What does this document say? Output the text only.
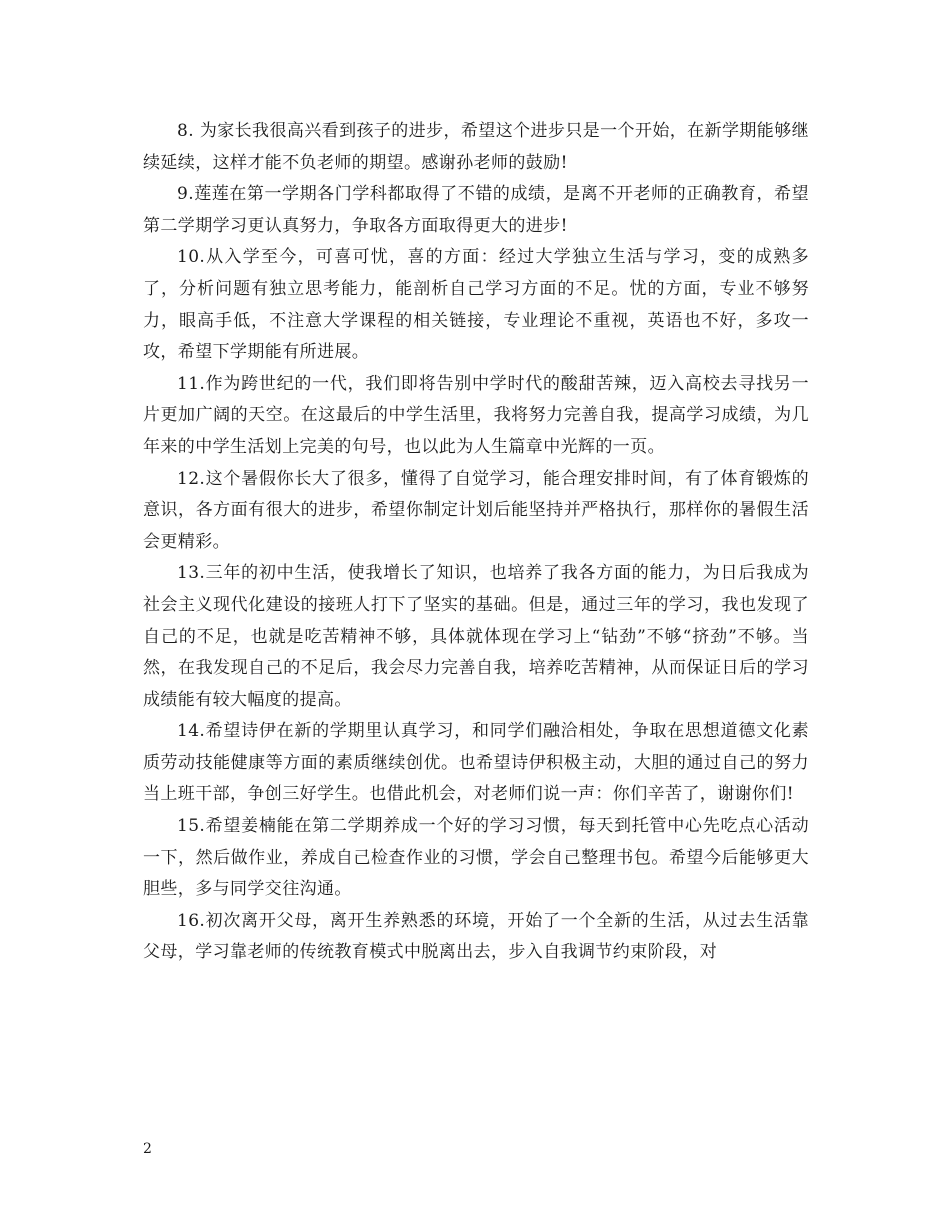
8. 为家长我很高兴看到孩子的进步，希望这个进步只是一个开始，在新学期能够继续延续，这样才能不负老师的期望。感谢孙老师的鼓励!

9.莲莲在第一学期各门学科都取得了不错的成绩，是离不开老师的正确教育，希望第二学期学习更认真努力，争取各方面取得更大的进步!

10.从入学至今，可喜可忧，喜的方面：经过大学独立生活与学习，变的成熟多了，分析问题有独立思考能力，能剖析自己学习方面的不足。忧的方面，专业不够努力，眼高手低，不注意大学课程的相关链接，专业理论不重视，英语也不好，多攻一攻，希望下学期能有所进展。

11.作为跨世纪的一代，我们即将告别中学时代的酸甜苦辣，迈入高校去寻找另一片更加广阔的天空。在这最后的中学生活里，我将努力完善自我，提高学习成绩，为几年来的中学生活划上完美的句号，也以此为人生篇章中光辉的一页。

12.这个暑假你长大了很多，懂得了自觉学习，能合理安排时间，有了体育锻炼的意识，各方面有很大的进步，希望你制定计划后能坚持并严格执行，那样你的暑假生活会更精彩。

13.三年的初中生活，使我增长了知识，也培养了我各方面的能力，为日后我成为社会主义现代化建设的接班人打下了坚实的基础。但是，通过三年的学习，我也发现了自己的不足，也就是吃苦精神不够，具体就体现在学习上“钻劲”不够“挤劲”不够。当然，在我发现自己的不足后，我会尽力完善自我，培养吃苦精神，从而保证日后的学习成绩能有较大幅度的提高。

14.希望诗伊在新的学期里认真学习，和同学们融洽相处，争取在思想道德文化素质劳动技能健康等方面的素质继续创优。也希望诗伊积极主动，大胆的通过自己的努力当上班干部，争创三好学生。也借此机会，对老师们说一声：你们辛苦了，谢谢你们!

15.希望姜楠能在第二学期养成一个好的学习习惯，每天到托管中心先吃点心活动一下，然后做作业，养成自己检查作业的习惯，学会自己整理书包。希望今后能够更大胆些，多与同学交往沟通。

16.初次离开父母，离开生养熟悉的环境，开始了一个全新的生活，从过去生活靠父母，学习靠老师的传统教育模式中脱离出去，步入自我调节约束阶段，对

2
